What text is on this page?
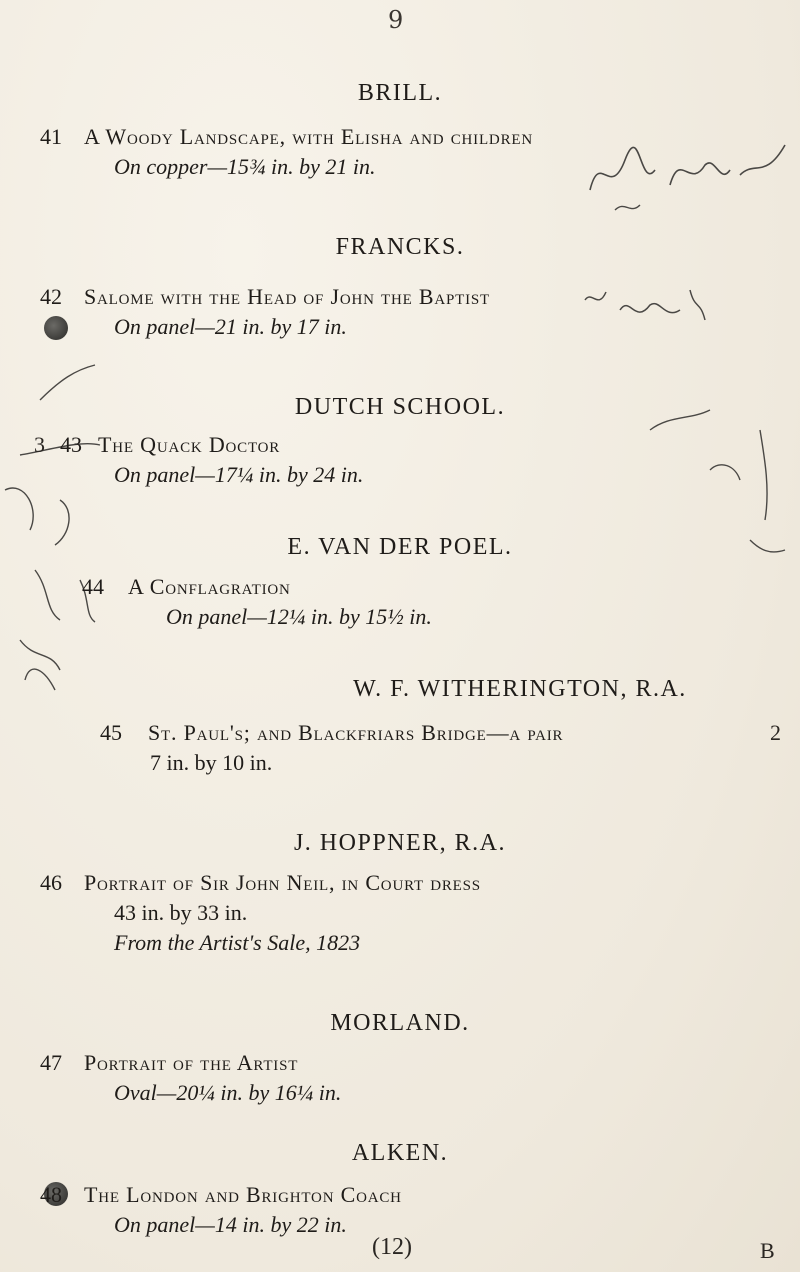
9
BRILL.
41 A Woody Landscape, with Elisha and children
On copper—15¾ in. by 21 in.
FRANCKS.
42 Salome with the Head of John the Baptist
On panel—21 in. by 17 in.
DUTCH SCHOOL.
3 43 The Quack Doctor
On panel—17¼ in. by 24 in.
E. VAN DER POEL.
44 A Conflagration
On panel—12¼ in. by 15½ in.
W. F. WITHERINGTON, R.A.
45 St. Paul's; and Blackfriars Bridge—a pair	2
7 in. by 10 in.
J. HOPPNER, R.A.
46 Portrait of Sir John Neil, in Court dress
43 in. by 33 in.
From the Artist's Sale, 1823
MORLAND.
47 Portrait of the Artist
Oval—20¼ in. by 16¼ in.
ALKEN.
48 The London and Brighton Coach
On panel—14 in. by 22 in.
(12)	B
